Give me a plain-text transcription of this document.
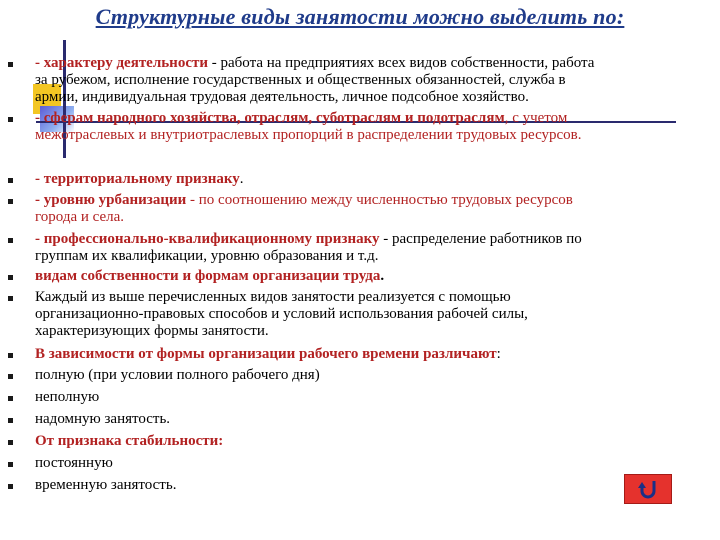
Структурные виды занятости можно выделить по:
- характеру деятельности - работа на предприятиях всех видов собственности, работа
за рубежом, исполнение государственных и общественных обязанностей, служба в
армии, индивидуальная трудовая деятельность, личное подсобное хозяйство.
- сферам народного хозяйства, отраслям, суботраслям и подотраслям, с учетом
межотраслевых и внутриотраслевых пропорций в распределении трудовых ресурсов.
- территориальному признаку.
- уровню урбанизации - по соотношению между численностью трудовых ресурсов
города и села.
- профессионально-квалификационному признаку - распределение работников по
группам их квалификации, уровню образования и т.д.
видам собственности и формам организации труда.
Каждый из выше перечисленных видов занятости реализуется с помощью
организационно-правовых способов и условий использования рабочей силы,
характеризующих формы занятости.
В зависимости от формы организации рабочего времени различают:
полную (при условии полного рабочего дня)
неполную
надомную занятость.
От признака стабильности:
постоянную
временную занятость.
